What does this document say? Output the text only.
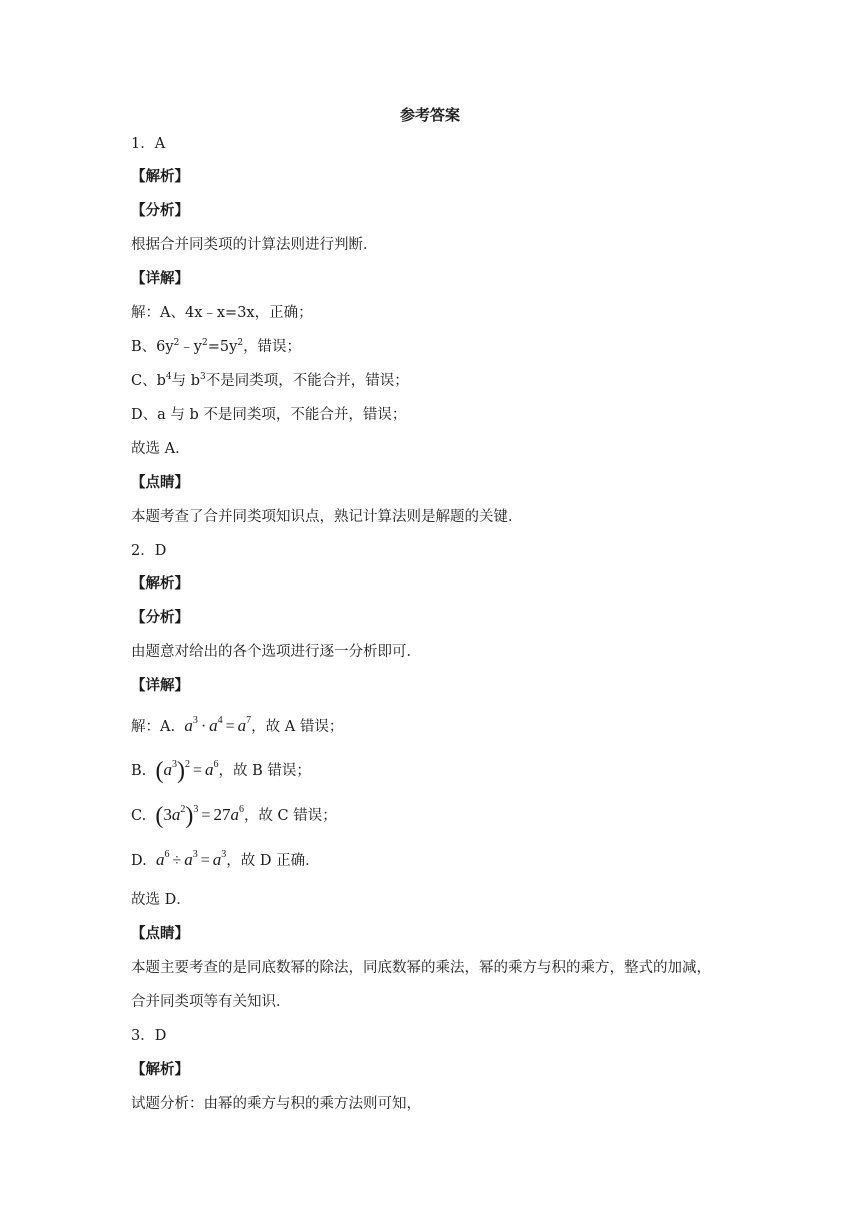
参考答案
1．A
【解析】
【分析】
根据合并同类项的计算法则进行判断．
【详解】
解：A、4x﹣x=3x，正确；
B、$6y^2﹣y^2=5y^2$，错误；
C、$b^4$与 $b^3$不是同类项，不能合并，错误；
D、a 与 b 不是同类项，不能合并，错误；
故选 A．
【点睛】
本题考查了合并同类项知识点，熟记计算法则是解题的关键．
2．D
【解析】
【分析】
由题意对给出的各个选项进行逐一分析即可．
【详解】
解：A. $a^3 \cdot a^4 = a^7$，故 A 错误；
B. $(a^3)^2 = a^6$，故 B 错误；
C. $(3a^2)^3 = 27a^6$，故 C 错误；
D. $a^6 \div a^3 = a^3$，故 D 正确．
故选 D．
【点睛】
本题主要考查的是同底数幂的除法，同底数幂的乘法，幂的乘方与积的乘方，整式的加减，
合并同类项等有关知识．
3．D
【解析】
试题分析：由幂的乘方与积的乘方法则可知，
